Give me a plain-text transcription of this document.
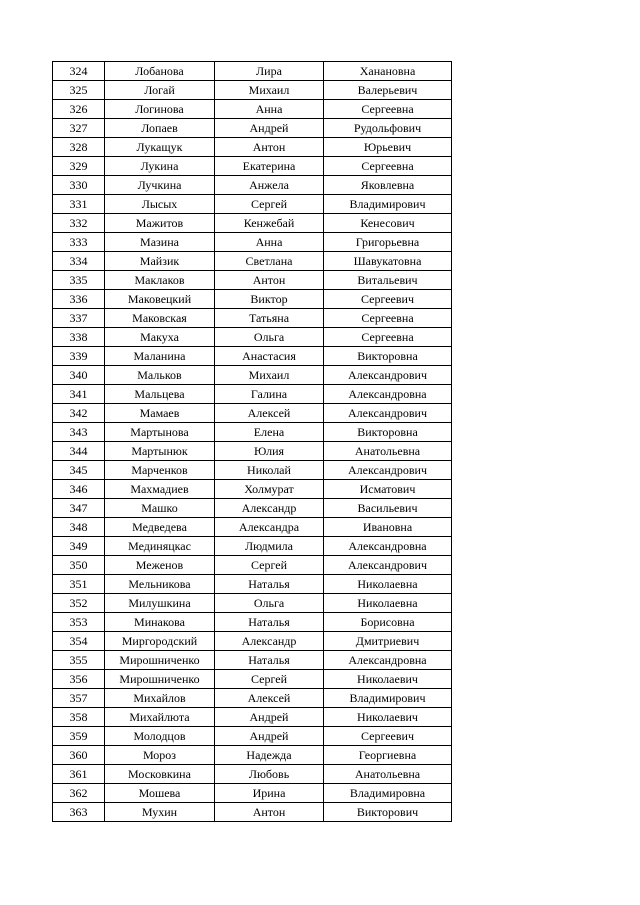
324	Лобанова	Лира	Ханановна
325	Логай	Михаил	Валерьевич
326	Логинова	Анна	Сергеевна
327	Лопаев	Андрей	Рудольфович
328	Лукащук	Антон	Юрьевич
329	Лукина	Екатерина	Сергеевна
330	Лучкина	Анжела	Яковлевна
331	Лысых	Сергей	Владимирович
332	Мажитов	Кенжебай	Кенесович
333	Мазина	Анна	Григорьевна
334	Майзик	Светлана	Шавукатовна
335	Маклаков	Антон	Витальевич
336	Маковецкий	Виктор	Сергеевич
337	Маковская	Татьяна	Сергеевна
338	Макуха	Ольга	Сергеевна
339	Маланина	Анастасия	Викторовна
340	Мальков	Михаил	Александрович
341	Мальцева	Галина	Александровна
342	Мамаев	Алексей	Александрович
343	Мартынова	Елена	Викторовна
344	Мартынюк	Юлия	Анатольевна
345	Марченков	Николай	Александрович
346	Махмадиев	Холмурат	Исматович
347	Машко	Александр	Васильевич
348	Медведева	Александра	Ивановна
349	Мединяцкас	Людмила	Александровна
350	Меженов	Сергей	Александрович
351	Мельникова	Наталья	Николаевна
352	Милушкина	Ольга	Николаевна
353	Минакова	Наталья	Борисовна
354	Миргородский	Александр	Дмитриевич
355	Мирошниченко	Наталья	Александровна
356	Мирошниченко	Сергей	Николаевич
357	Михайлов	Алексей	Владимирович
358	Михайлюта	Андрей	Николаевич
359	Молодцов	Андрей	Сергеевич
360	Мороз	Надежда	Георгиевна
361	Московкина	Любовь	Анатольевна
362	Мошева	Ирина	Владимировна
363	Мухин	Антон	Викторович
